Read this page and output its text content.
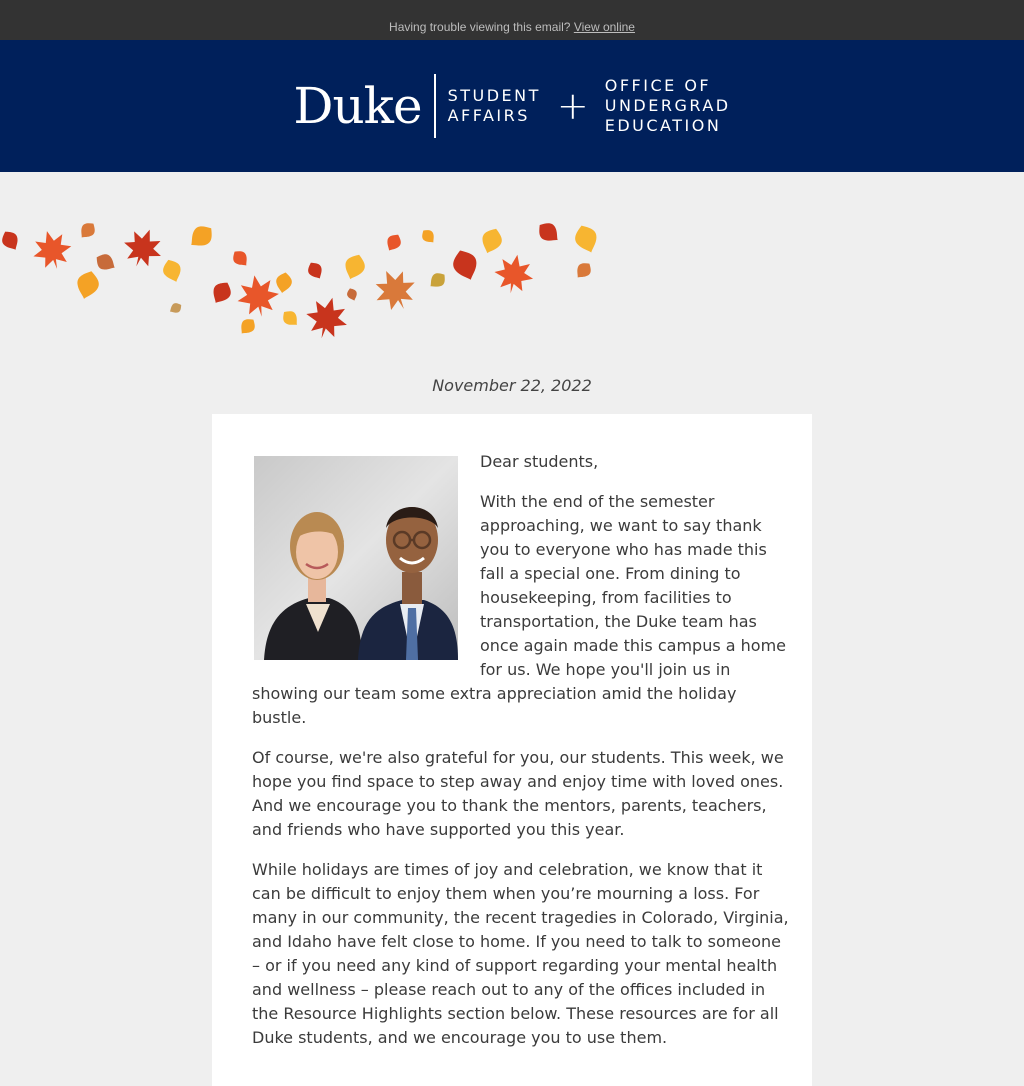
Having trouble viewing this email? View online
Duke	STUDENT
AFFAIRS + OFFICE OF
UNDERGRAD
EDUCATION
November 22, 2022

Dear students,

With the end of the semester approaching, we want to say thank you to everyone who has made this fall a special one. From dining to housekeeping, from facilities to transportation, the Duke team has once again made this campus a home for us. We hope you'll join us in showing our team some extra appreciation amid the holiday bustle.

Of course, we're also grateful for you, our students. This week, we hope you find space to step away and enjoy time with loved ones. And we encourage you to thank the mentors, parents, teachers, and friends who have supported you this year.

While holidays are times of joy and celebration, we know that it can be difficult to enjoy them when you’re mourning a loss. For many in our community, the recent tragedies in Colorado, Virginia, and Idaho have felt close to home. If you need to talk to someone – or if you need any kind of support regarding your mental health and wellness – please reach out to any of the offices included in the Resource Highlights section below. These resources are for all Duke students, and we encourage you to use them.
